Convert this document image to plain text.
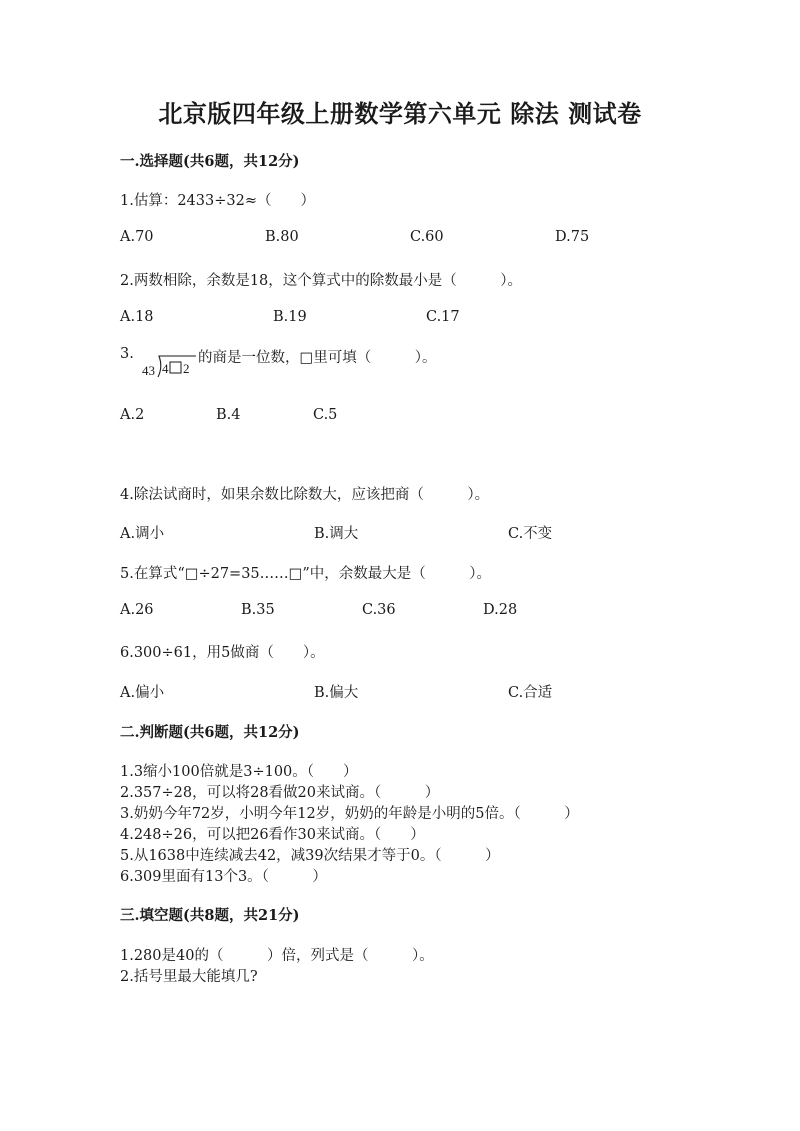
北京版四年级上册数学第六单元 除法 测试卷
一.选择题(共6题，共12分)
1.估算：2433÷32≈（　　）
A.70	B.80	C.60	D.75
2.两数相除，余数是18，这个算式中的除数最小是（　　　）。
A.18	B.19	C.17
3.
43 4 2
的商是一位数，□里可填（　　　）。
A.2	B.4	C.5
4.除法试商时，如果余数比除数大，应该把商（　　　）。
A.调小	B.调大	C.不变
5.在算式“□÷27=35……□”中，余数最大是（　　　）。
A.26	B.35	C.36	D.28
6.300÷61，用5做商（　　）。
A.偏小	B.偏大	C.合适
二.判断题(共6题，共12分)
1.3缩小100倍就是3÷100。（　　）
2.357÷28，可以将28看做20来试商。（　　　）
3.奶奶今年72岁，小明今年12岁，奶奶的年龄是小明的5倍。（　　　）
4.248÷26，可以把26看作30来试商。（　　）
5.从1638中连续减去42，减39次结果才等于0。（　　　）
6.309里面有13个3。（　　　）
三.填空题(共8题，共21分)
1.280是40的（　　　）倍，列式是（　　　）。
2.括号里最大能填几?
